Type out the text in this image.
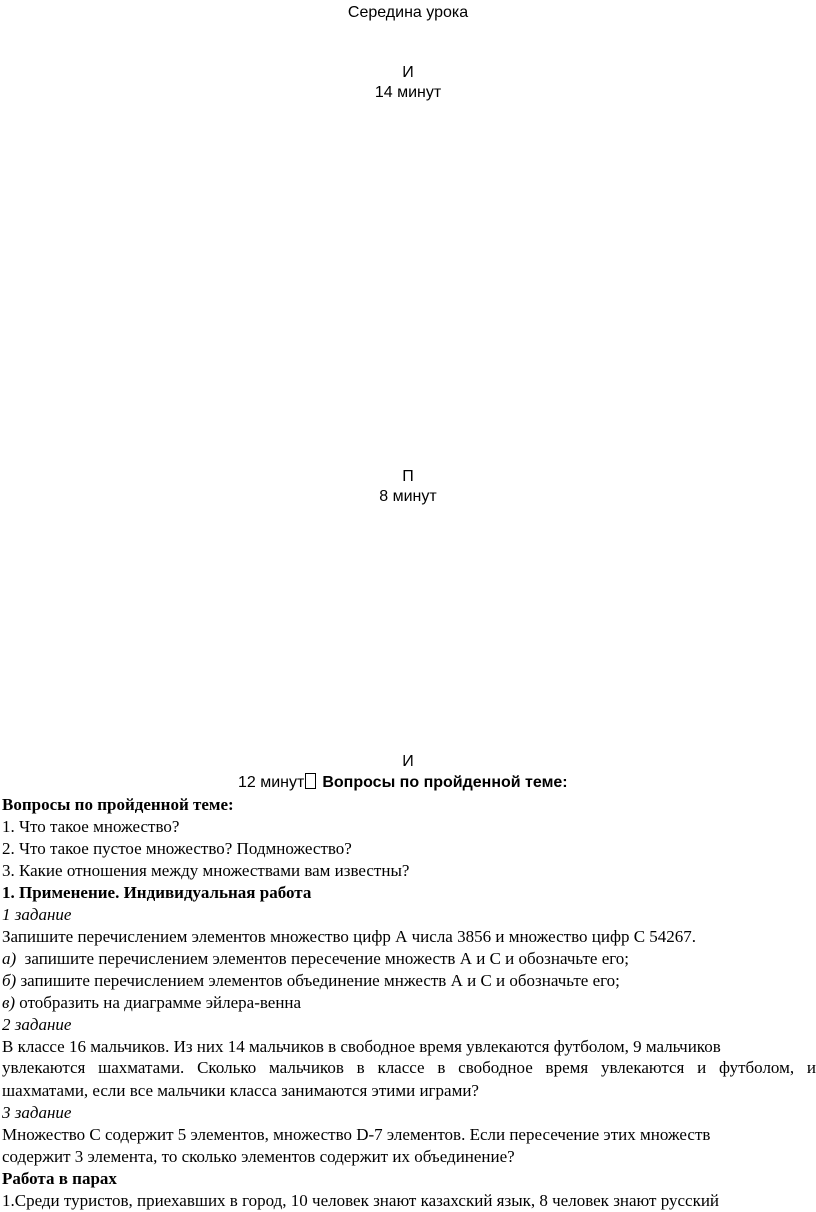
Середина урока
И
14 минут
П
8 минут
И
12 минут Вопросы по пройденной теме:
Вопросы по пройденной теме:
1. Что такое множество?
2. Что такое пустое множество? Подмножество?
3. Какие отношения между множествами вам известны?
1. Применение. Индивидуальная работа
1 задание
Запишите перечислением элементов множество цифр А числа 3856 и множество цифр С 54267.
а) запишите перечислением элементов пересечение множеств А и С и обозначьте его;
б) запишите перечислением элементов объединение мнжеств А и С и обозначьте его;
в) отобразить на диаграмме эйлера-венна
2 задание
В классе 16 мальчиков. Из них 14 мальчиков в свободное время увлекаются футболом, 9 мальчиков
увлекаются шахматами. Сколько мальчиков в классе в свободное время увлекаются и футболом, и
шахматами, если все мальчики класса занимаются этими играми?
3 задание
Множество С содержит 5 элементов, множество D-7 элементов. Если пересечение этих множеств
содержит 3 элемента, то сколько элементов содержит их объединение?
Работа в парах
1.Среди туристов, приехавших в город, 10 человек знают казахский язык, 8 человек знают русский
